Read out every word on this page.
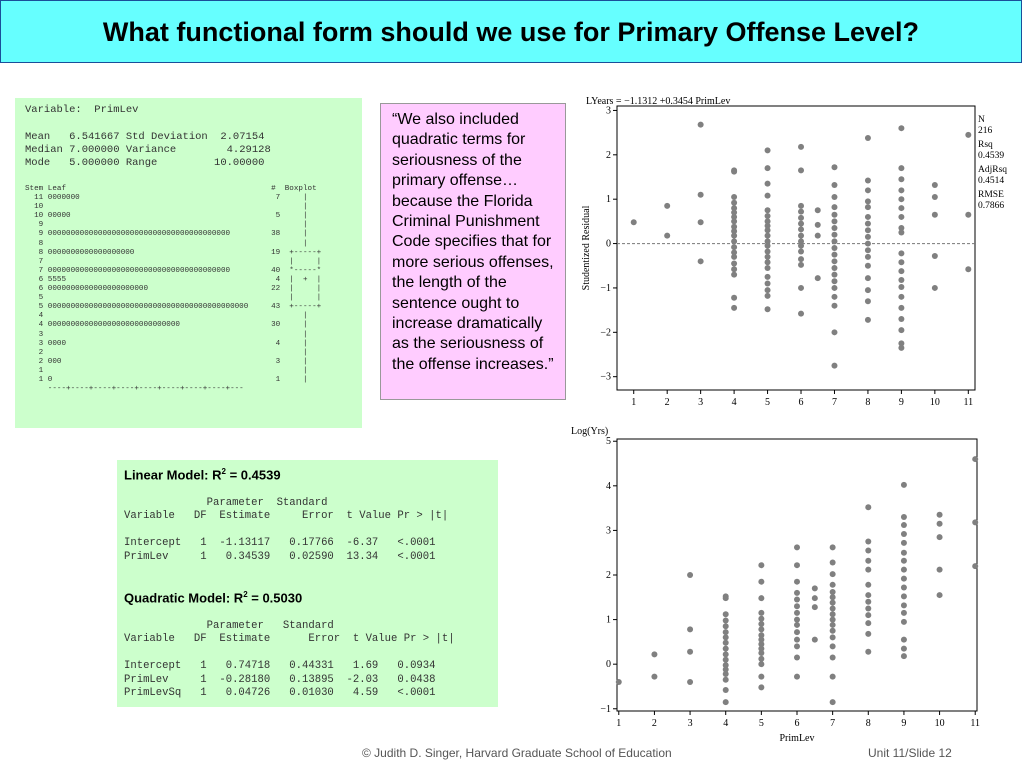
What functional form should we use for Primary Offense Level?
Variable:  PrimLev

Mean   6.541667 Std Deviation  2.07154
Median 7.000000 Variance        4.29128
Mode   5.000000 Range         10.00000
Stem Leaf                                             #  Boxplot
11 0000000                                           7     |
10                                                         |
10 00000                                             5     |
9                                                         |
9 0000000000000000000000000000000000000000         38     |
8                                                         |
8 0000000000000000000                              19  +-----+
7                                                      |     |
7 0000000000000000000000000000000000000000         40  *-----*
6 5555                                              4  |  +  |
6 0000000000000000000000                           22  |     |
5                                                      |     |
5 00000000000000000000000000000000000000000000     43  +-----+
4                                                         |
4 00000000000000000000000000000                    30     |
3                                                         |
3 0000                                              4     |
2                                                         |
2 000                                               3     |
1                                                         |
1 0                                                 1     |
----+----+----+----+----+----+----+----+---
“We also included quadratic terms for seriousness of the primary offense… because the Florida Criminal Punishment Code specifies that for more serious offenses, the length of the sentence ought to increase dramatically as the seriousness of the offense increases.”
Linear Model: $R^2 = 0.4539$
Parameter  Standard
Variable   DF  Estimate     Error  t Value Pr > |t|

Intercept   1  -1.13117   0.17766  -6.37   <.0001
PrimLev     1   0.34539   0.02590  13.34   <.0001
Quadratic Model: $R^2 = 0.5030$
Parameter   Standard
Variable   DF  Estimate      Error  t Value Pr > |t|

Intercept   1   0.74718   0.44331   1.69   0.0934
PrimLev     1  -0.28180   0.13895  -2.03   0.0438
PrimLevSq   1   0.04726   0.01030   4.59   <.0001
1	2	3	4	5	6	7	8	9	10 11
−3
−2
−1
0
1
2
3
LYears = −1.1312 +0.3454 PrimLev
Studentized Residual
N
216
Rsq
0.4539
AdjRsq
0.4514
RMSE
0.7866
1	2	3	4	5	6	7	8	9	10	11
−1
0
1
2
3
4
5
Log(Yrs)
PrimLev
© Judith D. Singer, Harvard Graduate School of Education	Unit 11/Slide 12
